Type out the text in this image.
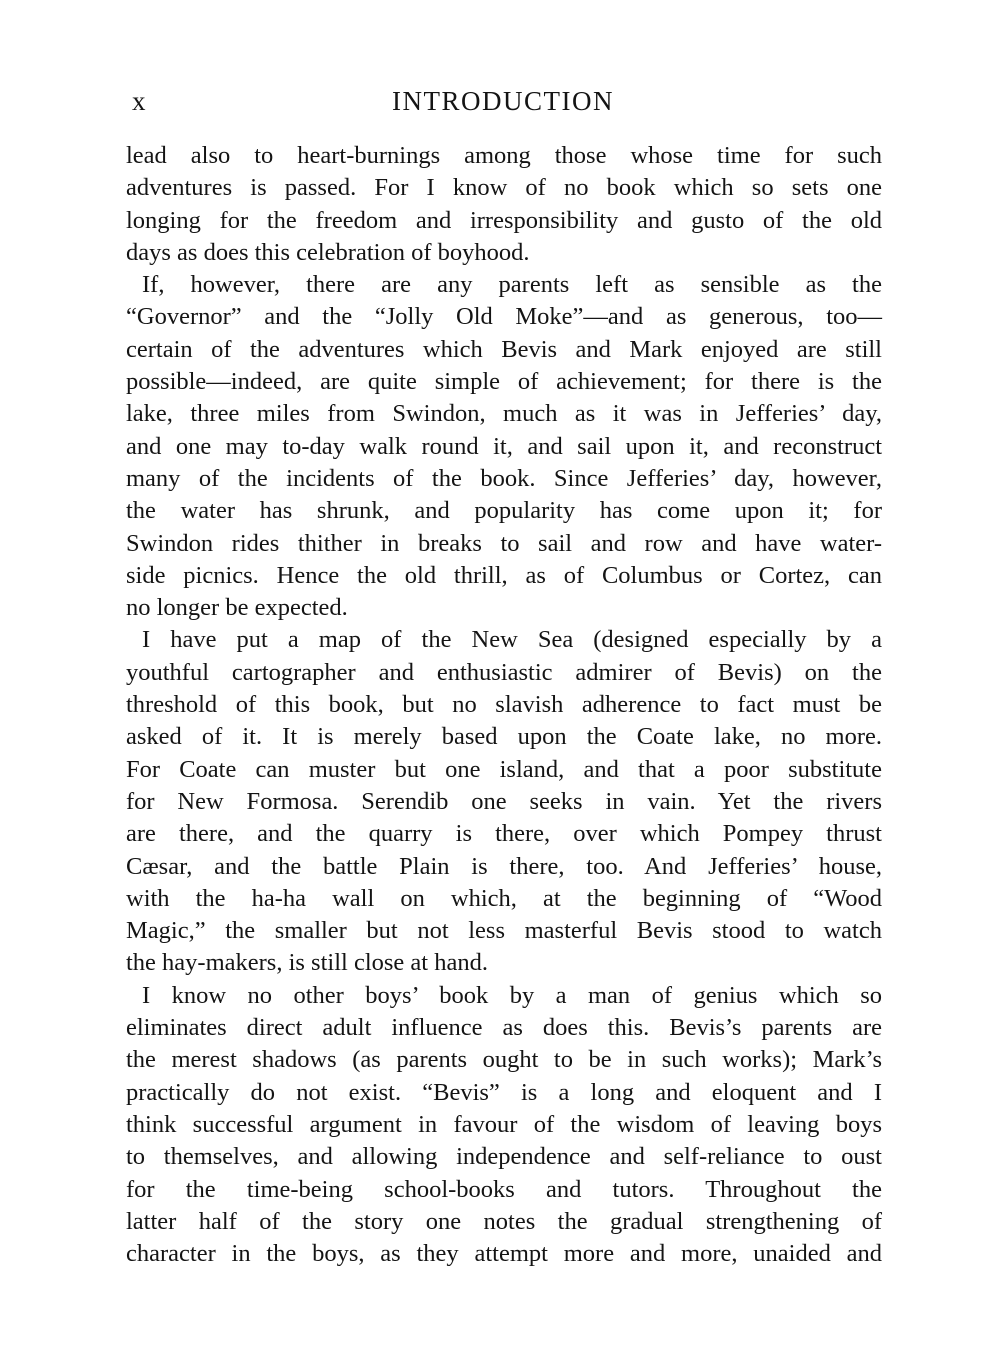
x	INTRODUCTION
lead also to heart-burnings among those whose time for such
adventures is passed. For I know of no book which so sets one
longing for the freedom and irresponsibility and gusto of the old
days as does this celebration of boyhood.
If, however, there are any parents left as sensible as the
“Governor” and the “Jolly Old Moke”—and as generous, too—
certain of the adventures which Bevis and Mark enjoyed are still
possible—indeed, are quite simple of achievement; for there is the
lake, three miles from Swindon, much as it was in Jefferies’ day,
and one may to-day walk round it, and sail upon it, and reconstruct
many of the incidents of the book. Since Jefferies’ day, however,
the water has shrunk, and popularity has come upon it; for
Swindon rides thither in breaks to sail and row and have water-
side picnics. Hence the old thrill, as of Columbus or Cortez, can
no longer be expected.
I have put a map of the New Sea (designed especially by a
youthful cartographer and enthusiastic admirer of Bevis) on the
threshold of this book, but no slavish adherence to fact must be
asked of it. It is merely based upon the Coate lake, no more.
For Coate can muster but one island, and that a poor substitute
for New Formosa. Serendib one seeks in vain. Yet the rivers
are there, and the quarry is there, over which Pompey thrust
Cæsar, and the battle Plain is there, too. And Jefferies’ house,
with the ha-ha wall on which, at the beginning of “Wood
Magic,” the smaller but not less masterful Bevis stood to watch
the hay-makers, is still close at hand.
I know no other boys’ book by a man of genius which so
eliminates direct adult influence as does this. Bevis’s parents are
the merest shadows (as parents ought to be in such works); Mark’s
practically do not exist. “Bevis” is a long and eloquent and I
think successful argument in favour of the wisdom of leaving boys
to themselves, and allowing independence and self-reliance to oust
for the time-being school-books and tutors. Throughout the
latter half of the story one notes the gradual strengthening of
character in the boys, as they attempt more and more, unaided and
